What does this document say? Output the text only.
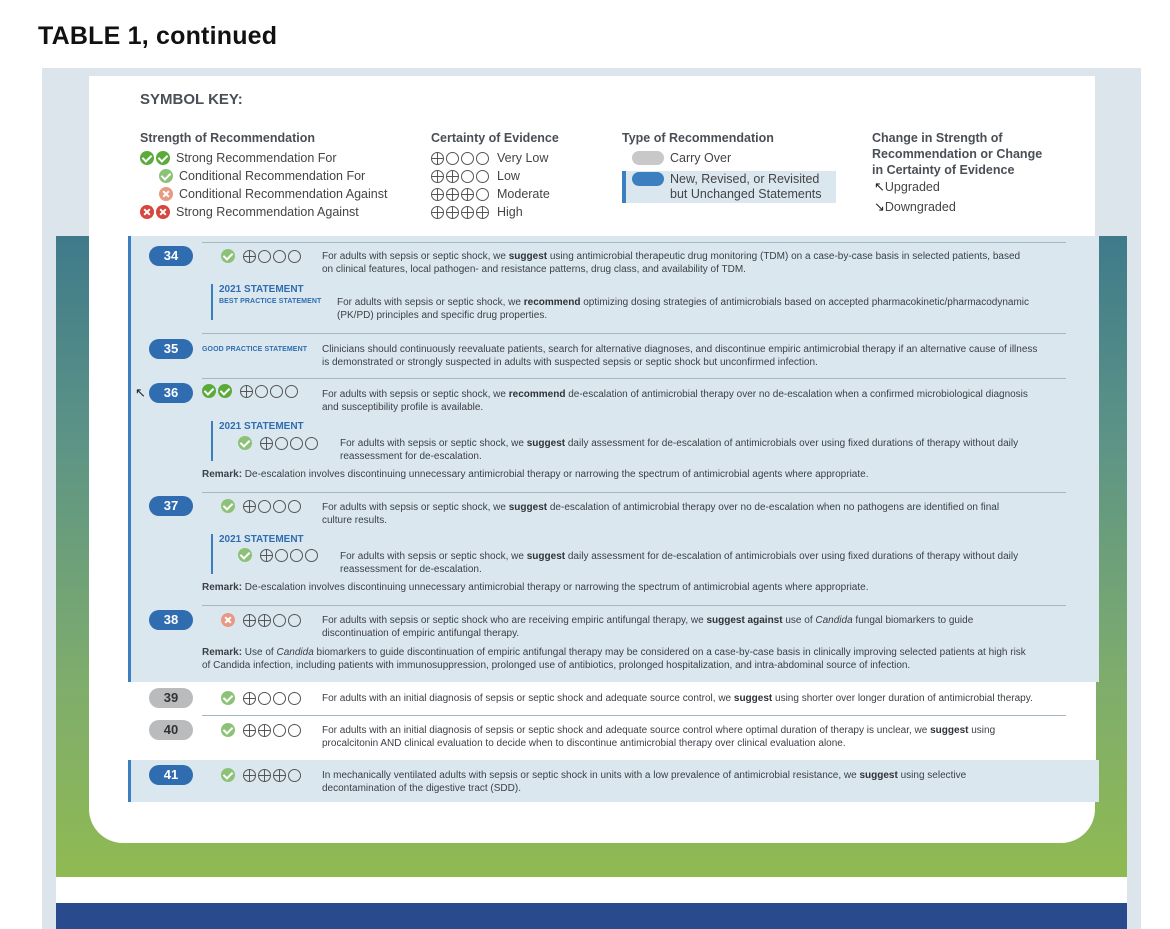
TABLE 1, continued
SYMBOL KEY:
Strength of Recommendation
Strong Recommendation For
Conditional Recommendation For
Conditional Recommendation Against
Strong Recommendation Against
Certainty of Evidence
Very Low
Low
Moderate
High
Type of Recommendation
Carry Over
New, Revised, or Revisited
but Unchanged Statements
Change in Strength of
Recommendation or Change
in Certainty of Evidence
↖ Upgraded
↘ Downgraded
34	For adults with sepsis or septic shock, we suggest using antimicrobial therapeutic drug monitoring (TDM) on a case-by-case basis in selected patients, based
on clinical features, local pathogen- and resistance patterns, drug class, and availability of TDM.
2021 STATEMENT
BEST PRACTICE STATEMENT For adults with sepsis or septic shock, we recommend optimizing dosing strategies of antimicrobials based on accepted pharmacokinetic/pharmacodynamic
(PK/PD) principles and specific drug properties.
35	GOOD PRACTICE STATEMENT Clinicians should continuously reevaluate patients, search for alternative diagnoses, and discontinue empiric antimicrobial therapy if an alternative cause of illness
is demonstrated or strongly suspected in adults with suspected sepsis or septic shock but unconfirmed infection.
↖	36	For adults with sepsis or septic shock, we recommend de-escalation of antimicrobial therapy over no de-escalation when a confirmed microbiological diagnosis
and susceptibility profile is available.
2021 STATEMENT
For adults with sepsis or septic shock, we suggest daily assessment for de-escalation of antimicrobials over using fixed durations of therapy without daily
reassessment for de-escalation.
Remark: De-escalation involves discontinuing unnecessary antimicrobial therapy or narrowing the spectrum of antimicrobial agents where appropriate.
37	For adults with sepsis or septic shock, we suggest de-escalation of antimicrobial therapy over no de-escalation when no pathogens are identified on final
culture results.
2021 STATEMENT
For adults with sepsis or septic shock, we suggest daily assessment for de-escalation of antimicrobials over using fixed durations of therapy without daily
reassessment for de-escalation.
Remark: De-escalation involves discontinuing unnecessary antimicrobial therapy or narrowing the spectrum of antimicrobial agents where appropriate.
38	For adults with sepsis or septic shock who are receiving empiric antifungal therapy, we suggest against use of Candida fungal biomarkers to guide
discontinuation of empiric antifungal therapy.
Remark: Use of Candida biomarkers to guide discontinuation of empiric antifungal therapy may be considered on a case-by-case basis in clinically improving selected patients at high risk
of Candida infection, including patients with immunosuppression, prolonged use of antibiotics, prolonged hospitalization, and intra-abdominal source of infection.
39	For adults with an initial diagnosis of sepsis or septic shock and adequate source control, we suggest using shorter over longer duration of antimicrobial therapy.
40	For adults with an initial diagnosis of sepsis or septic shock and adequate source control where optimal duration of therapy is unclear, we suggest using
procalcitonin AND clinical evaluation to decide when to discontinue antimicrobial therapy over clinical evaluation alone.
41	In mechanically ventilated adults with sepsis or septic shock in units with a low prevalence of antimicrobial resistance, we suggest using selective
decontamination of the digestive tract (SDD).
